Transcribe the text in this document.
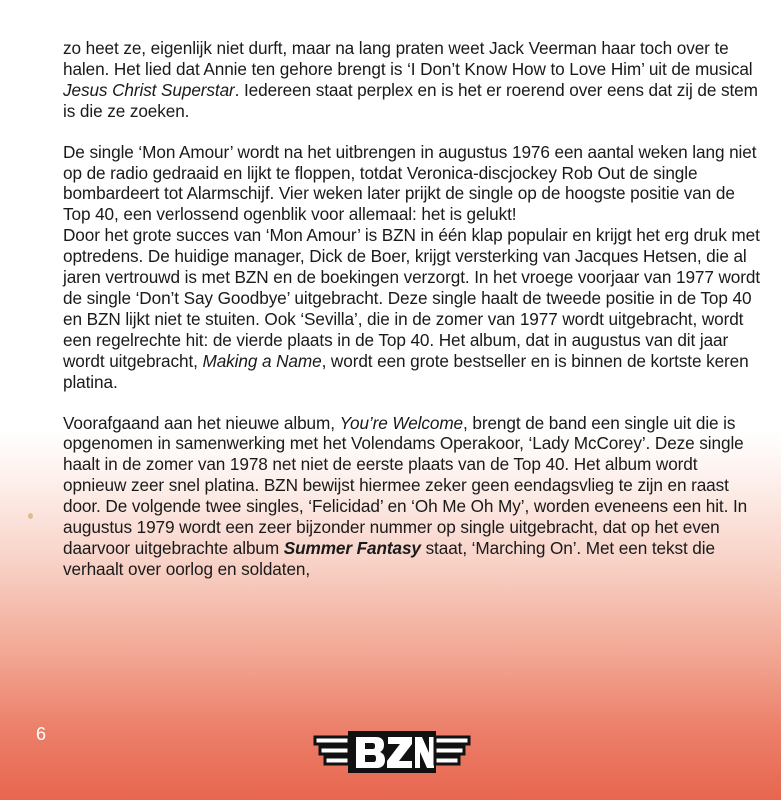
zo heet ze, eigenlijk niet durft, maar na lang praten weet Jack Veerman haar toch over te halen. Het lied dat Annie ten gehore brengt is ‘I Don’t Know How to Love Him’ uit de musical Jesus Christ Superstar. Iedereen staat perplex en is het er roerend over eens dat zij de stem is die ze zoeken.

De single ‘Mon Amour’ wordt na het uitbrengen in augustus 1976 een aantal weken lang niet op de radio gedraaid en lijkt te floppen, totdat Veronica-discjockey Rob Out de single bombardeert tot Alarmschijf. Vier weken later prijkt de single op de hoogste positie van de Top 40, een verlossend ogenblik voor allemaal: het is gelukt!
Door het grote succes van ‘Mon Amour’ is BZN in één klap populair en krijgt het erg druk met optredens. De huidige manager, Dick de Boer, krijgt versterking van Jacques Hetsen, die al jaren vertrouwd is met BZN en de boekingen verzorgt. In het vroege voorjaar van 1977 wordt de single ‘Don’t Say Goodbye’ uitgebracht. Deze single haalt de tweede positie in de Top 40 en BZN lijkt niet te stuiten. Ook ‘Sevilla’, die in de zomer van 1977 wordt uitgebracht, wordt een regelrechte hit: de vierde plaats in de Top 40. Het album, dat in augustus van dit jaar wordt uitgebracht, Making a Name, wordt een grote bestseller en is binnen de kortste keren platina.

Voorafgaand aan het nieuwe album, You’re Welcome, brengt de band een single uit die is opgenomen in samenwerking met het Volendams Operakoor, ‘Lady McCorey’. Deze single haalt in de zomer van 1978 net niet de eerste plaats van de Top 40. Het album wordt opnieuw zeer snel platina. BZN bewijst hiermee zeker geen eendagsvlieg te zijn en raast door. De volgende twee singles, ‘Felicidad’ en ‘Oh Me Oh My’, worden eveneens een hit. In augustus 1979 wordt een zeer bijzonder nummer op single uitgebracht, dat op het even daarvoor uitgebrachte album Summer Fantasy staat, ‘Marching On’. Met een tekst die verhaalt over oorlog en soldaten,

6
